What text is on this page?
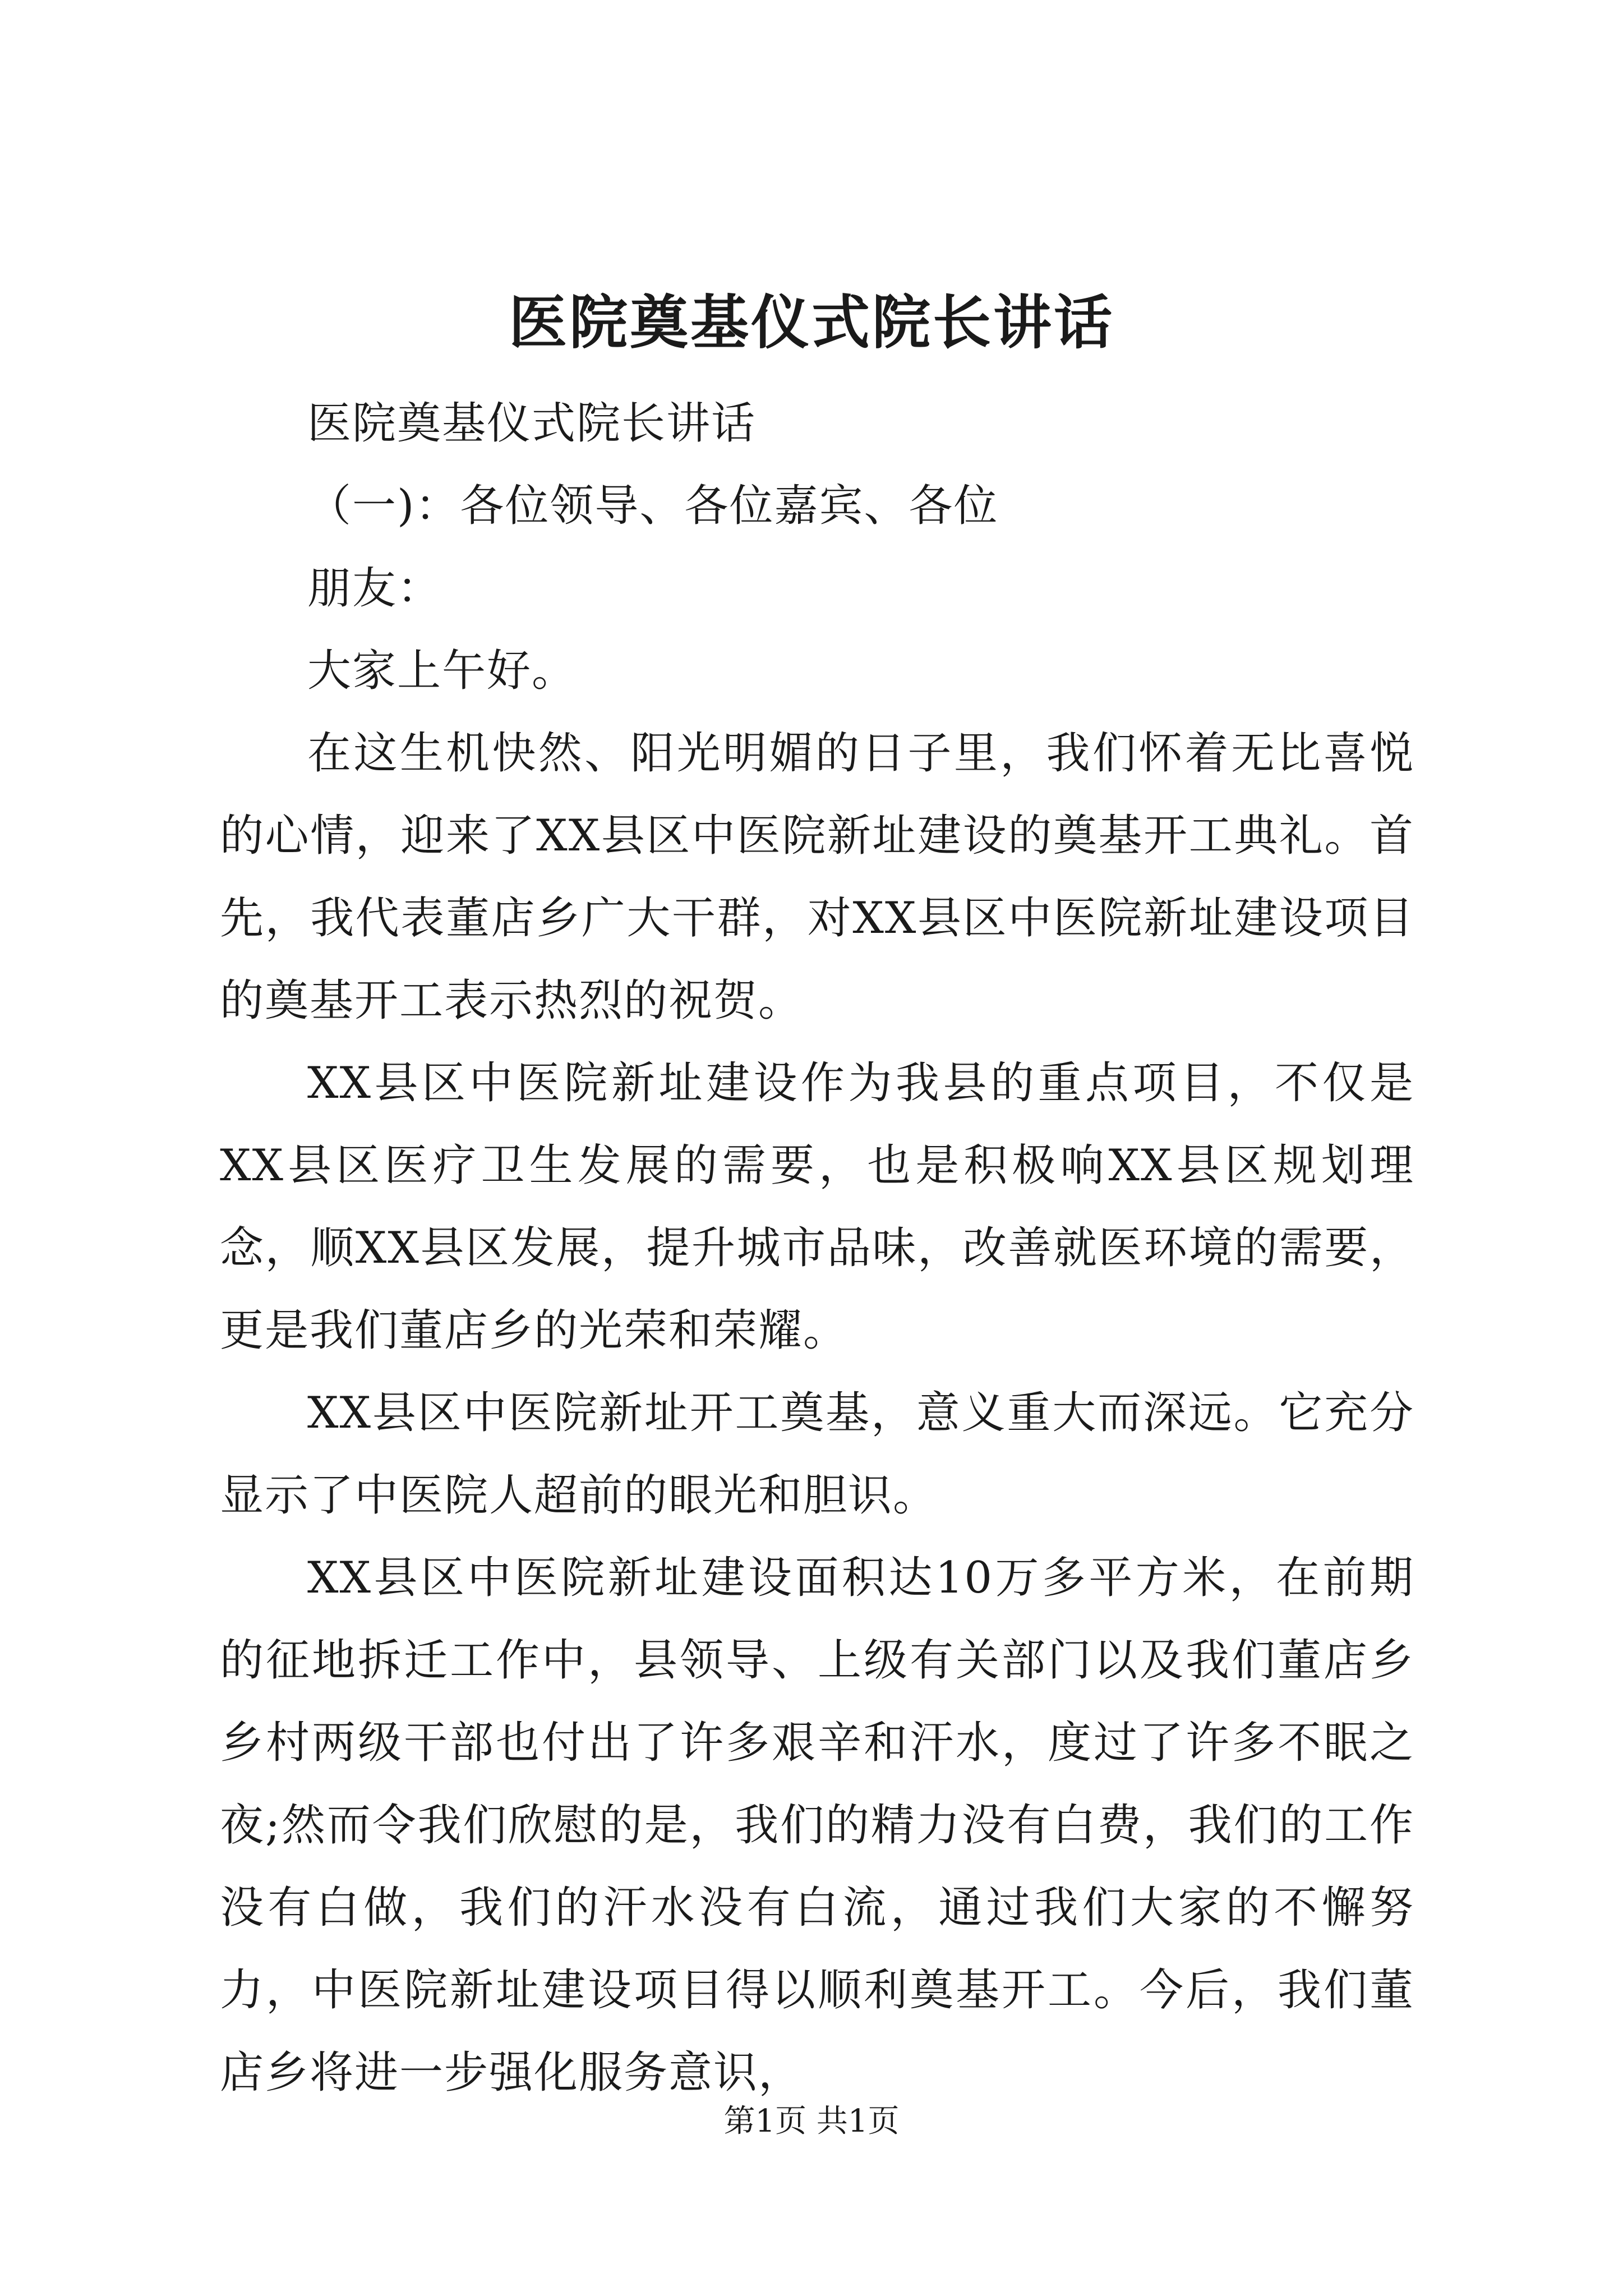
医院奠基仪式院长讲话

医院奠基仪式院长讲话

（一)：各位领导、各位嘉宾、各位

朋友：

大家上午好。

在这生机快然、阳光明媚的日子里，我们怀着无比喜悦的心情，迎来了XX县区中医院新址建设的奠基开工典礼。首先，我代表董店乡广大干群，对XX县区中医院新址建设项目的奠基开工表示热烈的祝贺。

XX县区中医院新址建设作为我县的重点项目，不仅是XX县区医疗卫生发展的需要，也是积极响XX县区规划理念，顺XX县区发展，提升城市品味，改善就医环境的需要，更是我们董店乡的光荣和荣耀。

XX县区中医院新址开工奠基，意义重大而深远。它充分显示了中医院人超前的眼光和胆识。

XX县区中医院新址建设面积达10万多平方米，在前期的征地拆迁工作中，县领导、上级有关部门以及我们董店乡乡村两级干部也付出了许多艰辛和汗水，度过了许多不眠之夜;然而令我们欣慰的是，我们的精力没有白费，我们的工作没有白做，我们的汗水没有白流，通过我们大家的不懈努力，中医院新址建设项目得以顺利奠基开工。今后，我们董店乡将进一步强化服务意识，

第1页 共1页
